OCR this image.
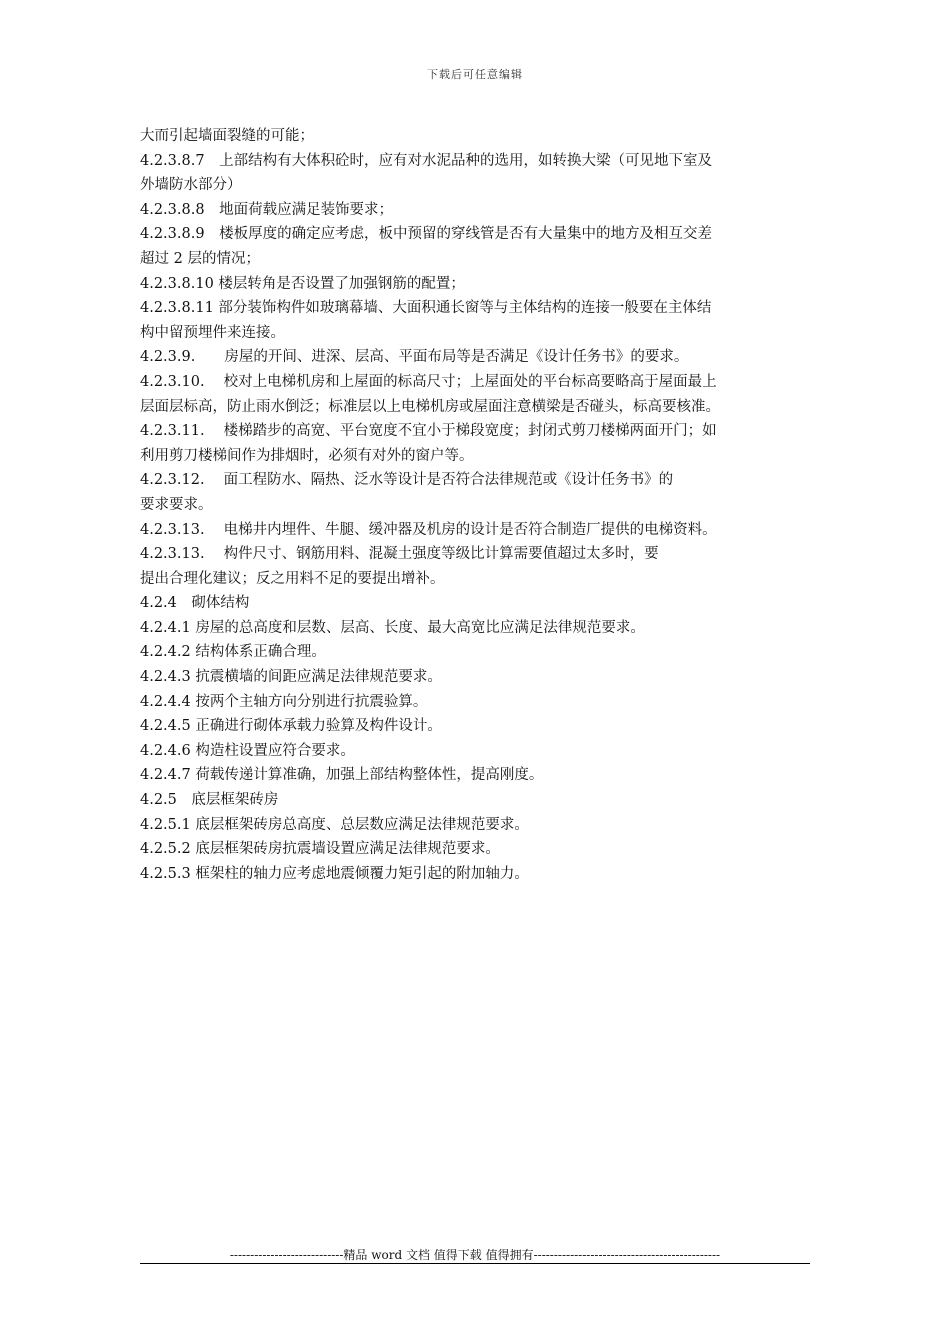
下载后可任意编辑
大而引起墙面裂缝的可能；
4.2.3.8.7　上部结构有大体积砼时，应有对水泥品种的选用，如转换大梁（可见地下室及
外墙防水部分）
4.2.3.8.8　地面荷载应满足装饰要求；
4.2.3.8.9　楼板厚度的确定应考虑，板中预留的穿线管是否有大量集中的地方及相互交差
超过 2 层的情况；
4.2.3.8.10 楼层转角是否设置了加强钢筋的配置；
4.2.3.8.11 部分装饰构件如玻璃幕墙、大面积通长窗等与主体结构的连接一般要在主体结
构中留预埋件来连接。
4.2.3.9.　　房屋的开间、进深、层高、平面布局等是否满足《设计任务书》的要求。
4.2.3.10.　 校对上电梯机房和上屋面的标高尺寸；上屋面处的平台标高要略高于屋面最上
层面层标高，防止雨水倒泛；标准层以上电梯机房或屋面注意横梁是否碰头，标高要核准。
4.2.3.11.　 楼梯踏步的高宽、平台宽度不宜小于梯段宽度；封闭式剪刀楼梯两面开门；如
利用剪刀楼梯间作为排烟时，必须有对外的窗户等。
4.2.3.12.　 面工程防水、隔热、泛水等设计是否符合法律规范或《设计任务书》的
要求要求。
4.2.3.13.　 电梯井内埋件、牛腿、缓冲器及机房的设计是否符合制造厂提供的电梯资料。
4.2.3.13.　 构件尺寸、钢筋用料、混凝土强度等级比计算需要值超过太多时，要
提出合理化建议；反之用料不足的要提出增补。
4.2.4　砌体结构
4.2.4.1 房屋的总高度和层数、层高、长度、最大高宽比应满足法律规范要求。
4.2.4.2 结构体系正确合理。
4.2.4.3 抗震横墙的间距应满足法律规范要求。
4.2.4.4 按两个主轴方向分别进行抗震验算。
4.2.4.5 正确进行砌体承载力验算及构件设计。
4.2.4.6 构造柱设置应符合要求。
4.2.4.7 荷载传递计算准确，加强上部结构整体性，提高刚度。
4.2.5　底层框架砖房
4.2.5.1 底层框架砖房总高度、总层数应满足法律规范要求。
4.2.5.2 底层框架砖房抗震墙设置应满足法律规范要求。
4.2.5.3 框架柱的轴力应考虑地震倾覆力矩引起的附加轴力。
----------------------------精品 word 文档 值得下载 值得拥有----------------------------------------------
